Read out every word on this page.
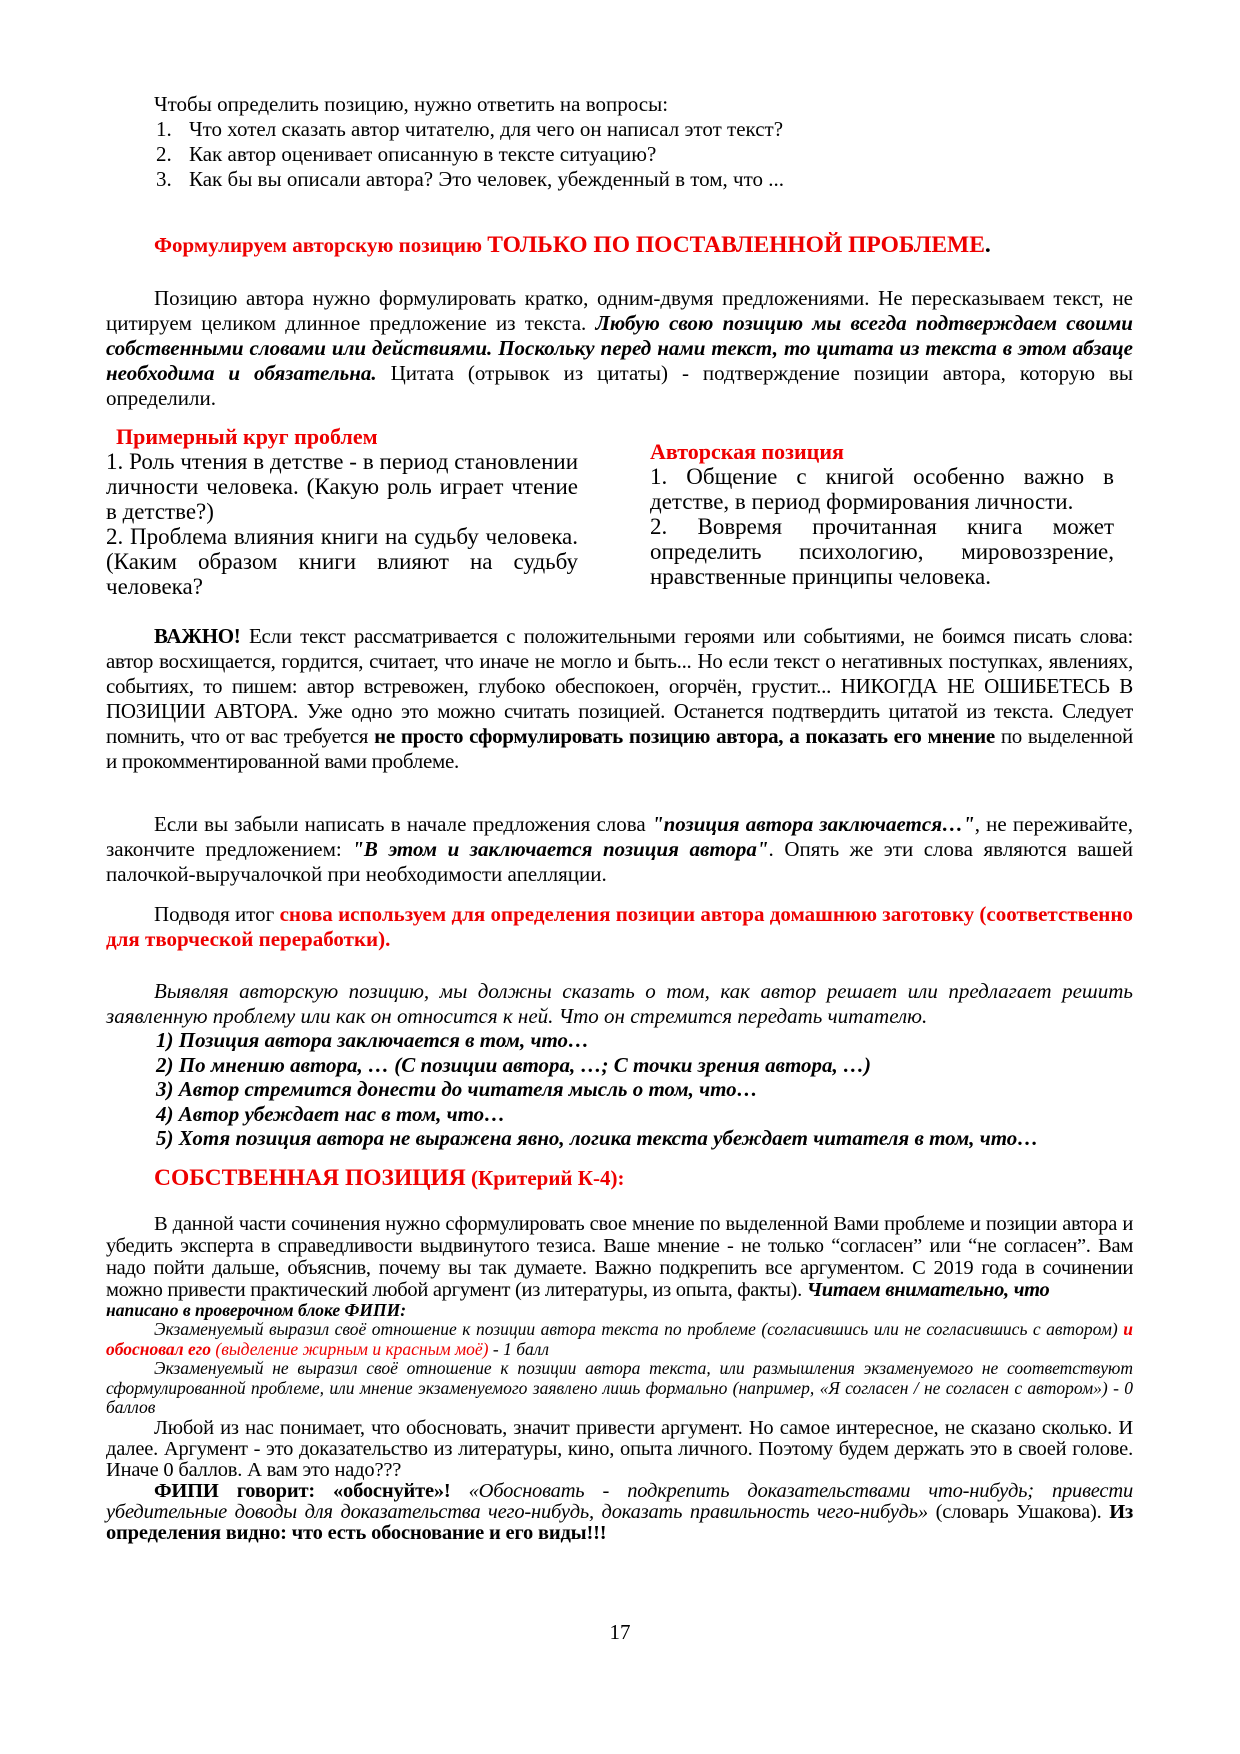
Чтобы определить позицию, нужно ответить на вопросы:

1. Что хотел сказать автор читателю, для чего он написал этот текст?

2. Как автор оценивает описанную в тексте ситуацию?

3. Как бы вы описали автора? Это человек, убежденный в том, что ...

Формулируем авторскую позицию ТОЛЬКО ПО ПОСТАВЛЕННОЙ ПРОБЛЕМЕ.

Позицию автора нужно формулировать кратко, одним-двумя предложениями. Не пересказываем текст, не цитируем целиком длинное предложение из текста. Любую свою позицию мы всегда подтверждаем своими собственными словами или действиями. Поскольку перед нами текст, то цитата из текста в этом абзаце необходима и обязательна. Цитата (отрывок из цитаты) - подтверждение позиции автора, которую вы определили.

Примерный круг проблем

1. Роль чтения в детстве - в период становлении личности человека. (Какую роль играет чтение в детстве?)

2. Проблема влияния книги на судьбу человека. (Каким образом книги влияют на судьбу человека?

Авторская позиция

1. Общение с книгой особенно важно в детстве, в период формирования личности.

2. Вовремя прочитанная книга может определить психологию, мировоззрение, нравственные принципы человека.

ВАЖНО! Если текст рассматривается с положительными героями или событиями, не боимся писать слова: автор восхищается, гордится, считает, что иначе не могло и быть... Но если текст о негативных поступках, явлениях, событиях, то пишем: автор встревожен, глубоко обеспокоен, огорчён, грустит... НИКОГДА НЕ ОШИБЕТЕСЬ В ПОЗИЦИИ АВТОРА. Уже одно это можно считать позицией. Останется подтвердить цитатой из текста. Следует помнить, что от вас требуется не просто сформулировать позицию автора, а показать его мнение по выделенной и прокомментированной вами проблеме.

Если вы забыли написать в начале предложения слова "позиция автора заключается…", не переживайте, закончите предложением: "В этом и заключается позиция автора". Опять же эти слова являются вашей палочкой-выручалочкой при необходимости апелляции.

Подводя итог снова используем для определения позиции автора домашнюю заготовку (соответственно для творческой переработки).

Выявляя авторскую позицию, мы должны сказать о том, как автор решает или предлагает решить заявленную проблему или как он относится к ней. Что он стремится передать читателю.

1) Позиция автора заключается в том, что…

2) По мнению автора, … (С позиции автора, …; С точки зрения автора, …)

3) Автор стремится донести до читателя мысль о том, что…

4) Автор убеждает нас в том, что…

5) Хотя позиция автора не выражена явно, логика текста убеждает читателя в том, что…

СОБСТВЕННАЯ ПОЗИЦИЯ (Критерий К-4):

В данной части сочинения нужно сформулировать свое мнение по выделенной Вами проблеме и позиции автора и убедить эксперта в справедливости выдвинутого тезиса. Ваше мнение - не только “согласен” или “не согласен”. Вам надо пойти дальше, объяснив, почему вы так думаете. Важно подкрепить все аргументом. С 2019 года в сочинении можно привести практический любой аргумент (из литературы, из опыта, факты). Читаем внимательно, что

написано в проверочном блоке ФИПИ:

Экзаменуемый выразил своё отношение к позиции автора текста по проблеме (согласившись или не согласившись с автором) и обосновал его (выделение жирным и красным моё) - 1 балл

Экзаменуемый не выразил своё отношение к позиции автора текста, или размышления экзаменуемого не соответствуют сформулированной проблеме, или мнение экзаменуемого заявлено лишь формально (например, «Я согласен / не согласен с автором») - 0 баллов

Любой из нас понимает, что обосновать, значит привести аргумент. Но самое интересное, не сказано сколько. И далее. Аргумент - это доказательство из литературы, кино, опыта личного. Поэтому будем держать это в своей голове. Иначе 0 баллов. А вам это надо???

ФИПИ говорит: «обоснуйте»! «Обосновать - подкрепить доказательствами что-нибудь; привести убедительные доводы для доказательства чего-нибудь, доказать правильность чего-нибудь» (словарь Ушакова). Из определения видно: что есть обоснование и его виды!!!

17
